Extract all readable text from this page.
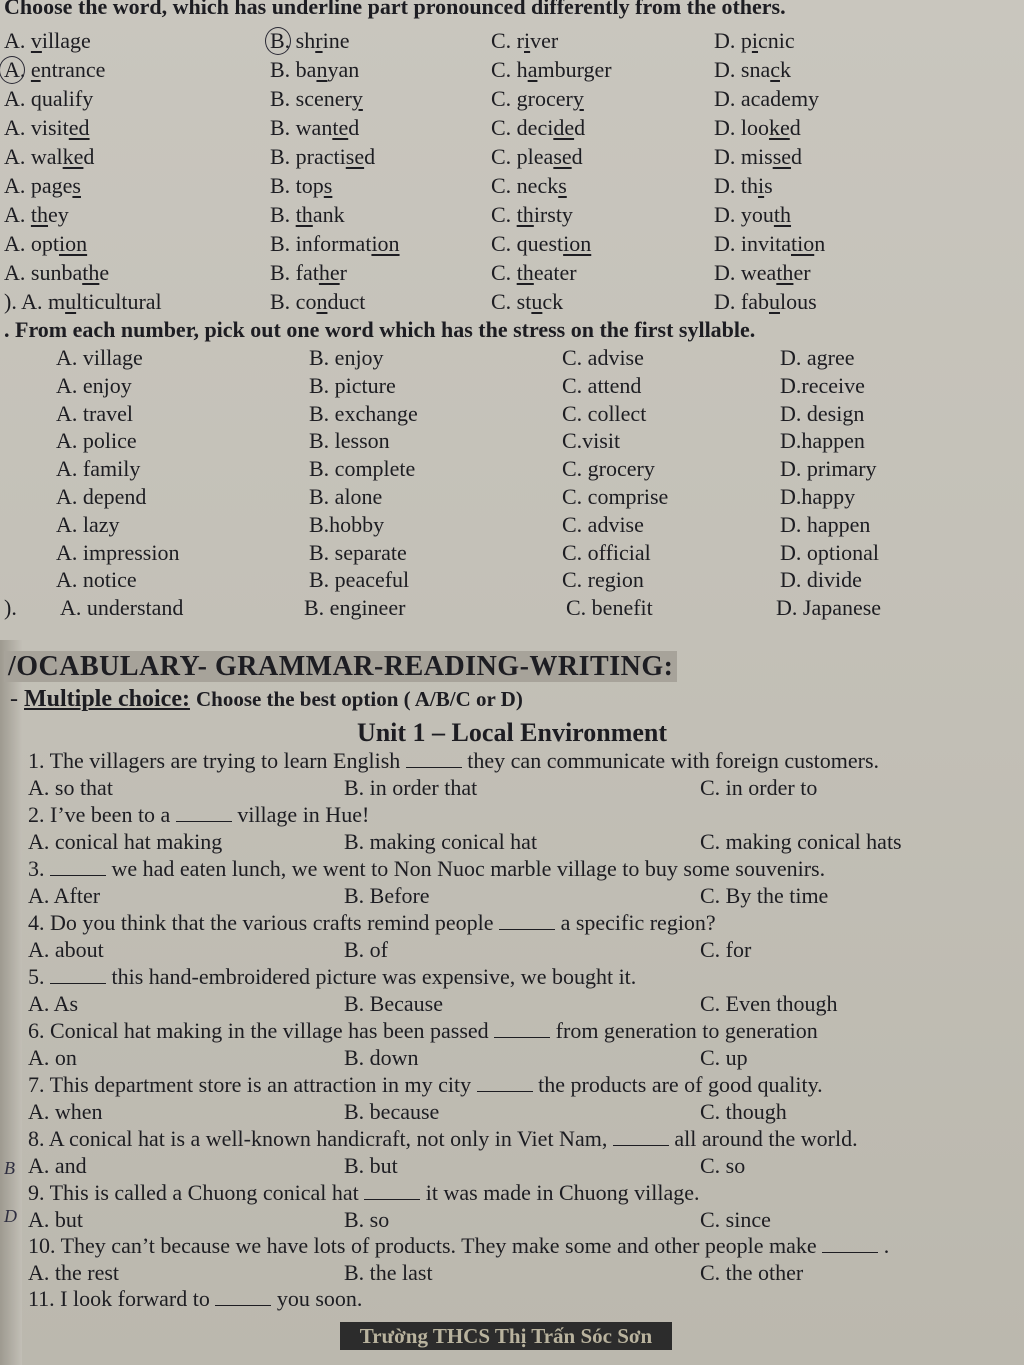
Choose the word, which has underline part pronounced differently from the others.
A. village	B. shrine	C. river	D. picnic
A. entrance	B. banyan	C. hamburger	D. snack
A. qualify	B. scenery	C. grocery	D. academy
A. visited	B. wanted	C. decided	D. looked
A. walked	B. practised	C. pleased	D. missed
A. pages	B. tops	C. necks	D. this
A. they	B. thank	C. thirsty	D. youth
A. option	B. information	C. question	D. invitation
A. sunbathe	B. father	C. theater	D. weather
). A. multicultural	B. conduct	C. stuck	D. fabulous
. From each number, pick out one word which has the stress on the first syllable.
A. village	B. enjoy	C. advise	D. agree
A. enjoy	B. picture	C. attend	D.receive
A. travel	B. exchange	C. collect	D. design
A. police	B. lesson	C.visit	D.happen
A. family	B. complete	C. grocery	D. primary
A. depend	B. alone	C. comprise	D.happy
A. lazy	B.hobby	C. advise	D. happen
A. impression	B. separate	C. official	D. optional
A. notice	B. peaceful	C. region	D. divide
). A. understand	B. engineer	C. benefit	D. Japanese
/OCABULARY- GRAMMAR-READING-WRITING:
- Multiple choice: Choose the best option ( A/B/C or D)
Unit 1 – Local Environment
1. The villagers are trying to learn English	they can communicate with foreign customers.
A. so that	B. in order that	C. in order to
2. I’ve been to a	village in Hue!
A. conical hat making	B. making conical hat	C. making conical hats
3.	we had eaten lunch, we went to Non Nuoc marble village to buy some souvenirs.
A. After	B. Before	C. By the time
4. Do you think that the various crafts remind people	a specific region?
A. about	B. of	C. for
5.	this hand-embroidered picture was expensive, we bought it.
A. As	B. Because	C. Even though
6. Conical hat making in the village has been passed	from generation to generation
A. on	B. down	C. up
7. This department store is an attraction in my city	the products are of good quality.
A. when	B. because	C. though
8. A conical hat is a well-known handicraft, not only in Viet Nam,	all around the world.
A. and	B. but	C. so
9. This is called a Chuong conical hat	it was made in Chuong village.
A. but	B. so	C. since
10. They can’t because we have lots of products. They make some and other people make	.
A. the rest	B. the last	C. the other
11. I look forward to	you soon.
B
D
Trường THCS Thị Trấn Sóc Sơn
